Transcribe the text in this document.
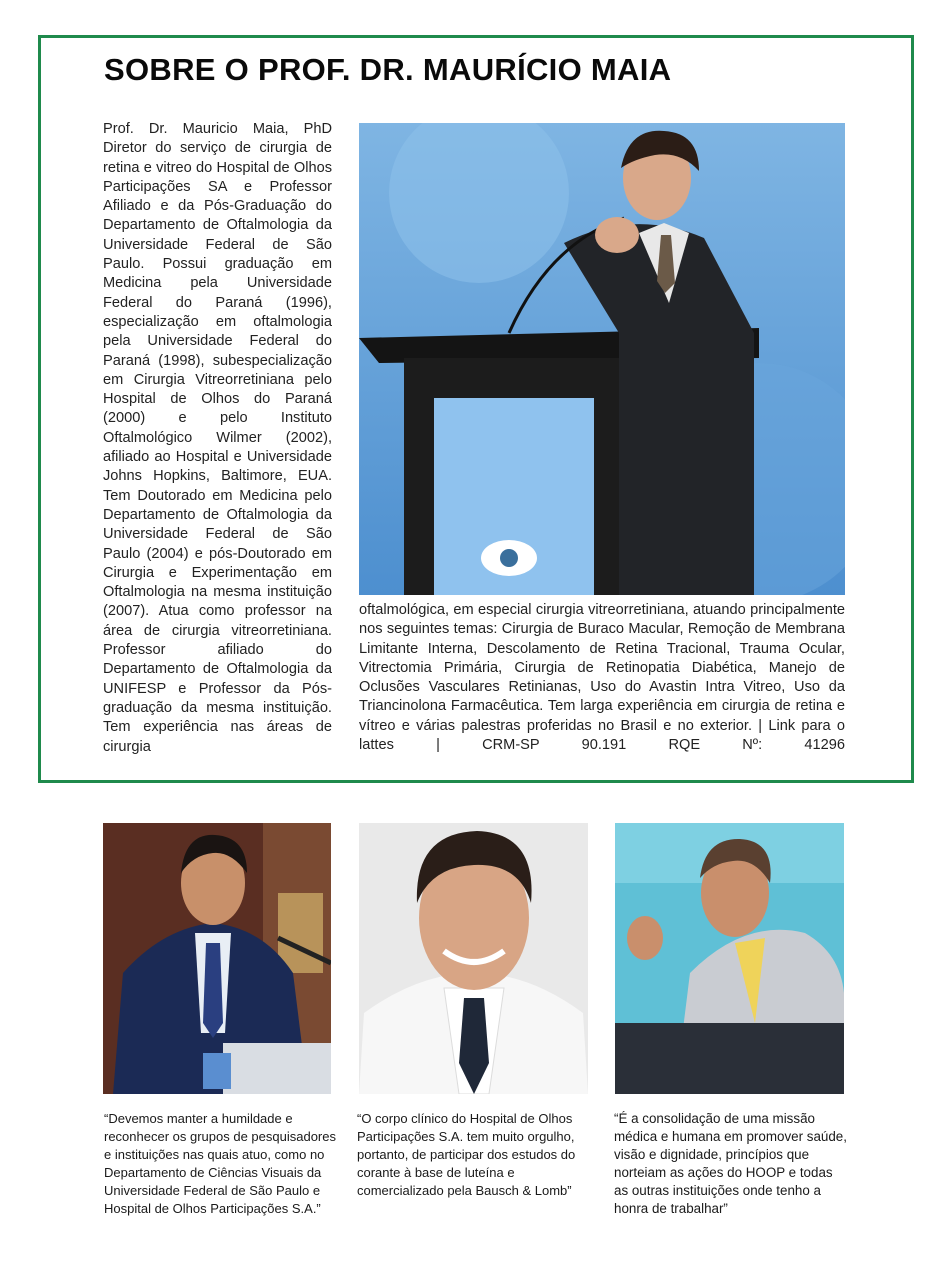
SOBRE O PROF. DR. MAURÍCIO MAIA

Prof. Dr. Mauricio Maia, PhD Diretor do serviço de cirurgia de retina e vitreo do Hospital de Olhos Participações SA e Professor Afiliado e da Pós-Graduação do Departamento de Oftalmologia da Universidade Federal de São Paulo. Possui graduação em Medicina pela Universidade Federal do Paraná (1996), especialização em oftalmologia pela Universidade Federal do Paraná (1998), subespecialização em Cirurgia Vitreorretiniana pelo Hospital de Olhos do Paraná (2000) e pelo Instituto Oftalmológico Wilmer (2002), afiliado ao Hospital e Universidade Johns Hopkins, Baltimore, EUA. Tem Doutorado em Medicina pelo Departamento de Oftalmologia da Universidade Federal de São Paulo (2004) e pós-Doutorado em Cirurgia e Experimentação em Oftalmologia na mesma instituição (2007). Atua como professor na área de cirurgia vitreorretiniana. Professor afiliado do Departamento de Oftalmologia da UNIFESP e Professor da Pós-graduação da mesma instituição. Tem experiência nas áreas de cirurgia

oftalmológica, em especial cirurgia vitreorretiniana, atuando principalmente nos seguintes temas: Cirurgia de Buraco Macular, Remoção de Membrana Limitante Interna, Descolamento de Retina Tracional, Trauma Ocular, Vitrectomia Primária, Cirurgia de Retinopatia Diabética, Manejo de Oclusões Vasculares Retinianas, Uso do Avastin Intra Vitreo, Uso da Triancinolona Farmacêutica. Tem larga experiência em cirurgia de retina e vítreo e várias palestras proferidas no Brasil e no exterior. | Link para o lattes | CRM-SP 90.191 RQE Nº: 41296

“Devemos manter a humildade e reconhecer os grupos de pesquisadores e instituições nas quais atuo, como no Departamento de Ciências Visuais da Universidade Federal de São Paulo e Hospital de Olhos Participações S.A.”

“O corpo clínico do Hospital de Olhos Participações S.A. tem muito orgulho, portanto, de participar dos estudos do corante à base de luteína e comercializado pela Bausch & Lomb”

“É a consolidação de uma missão médica e humana em promover saúde, visão e dignidade, princípios que norteiam as ações do HOOP e todas as outras instituições onde tenho a honra de trabalhar”
